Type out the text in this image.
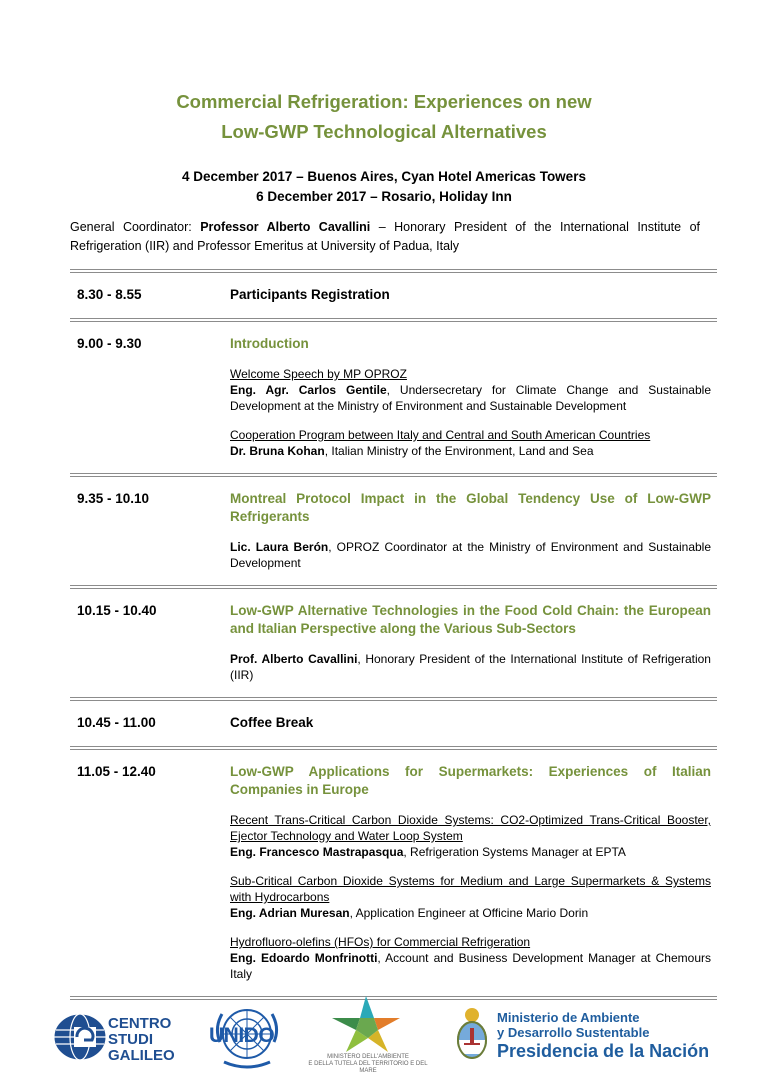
Commercial Refrigeration: Experiences on new
Low-GWP Technological Alternatives
4 December 2017 – Buenos Aires, Cyan Hotel Americas Towers
6 December 2017 – Rosario, Holiday Inn
General Coordinator: Professor Alberto Cavallini – Honorary President of the International Institute of Refrigeration (IIR) and Professor Emeritus at University of Padua, Italy
8.30 - 8.55	Participants Registration
9.00 - 9.30	Introduction
Welcome Speech by MP OPROZ
Eng. Agr. Carlos Gentile, Undersecretary for Climate Change and Sustainable Development at the Ministry of Environment and Sustainable Development
Cooperation Program between Italy and Central and South American Countries
Dr. Bruna Kohan, Italian Ministry of the Environment, Land and Sea
9.35 - 10.10	Montreal Protocol Impact in the Global Tendency Use of Low-GWP Refrigerants
Lic. Laura Berón, OPROZ Coordinator at the Ministry of Environment and Sustainable Development
10.15 - 10.40	Low-GWP Alternative Technologies in the Food Cold Chain: the European and Italian Perspective along the Various Sub-Sectors
Prof. Alberto Cavallini, Honorary President of the International Institute of Refrigeration (IIR)
10.45 - 11.00	Coffee Break
11.05 - 12.40	Low-GWP Applications for Supermarkets: Experiences of Italian Companies in Europe
Recent Trans-Critical Carbon Dioxide Systems: CO2-Optimized Trans-Critical Booster, Ejector Technology and Water Loop System
Eng. Francesco Mastrapasqua, Refrigeration Systems Manager at EPTA
Sub-Critical Carbon Dioxide Systems for Medium and Large Supermarkets & Systems with Hydrocarbons
Eng. Adrian Muresan, Application Engineer at Officine Mario Dorin
Hydrofluoro-olefins (HFOs) for Commercial Refrigeration
Eng. Edoardo Monfrinotti, Account and Business Development Manager at Chemours Italy
CENTRO
STUDI
GALILEO
UNIDO
MINISTERO DELL'AMBIENTE
E DELLA TUTELA DEL TERRITORIO E DEL MARE
Ministerio de Ambiente
y Desarrollo Sustentable
Presidencia de la Nación
